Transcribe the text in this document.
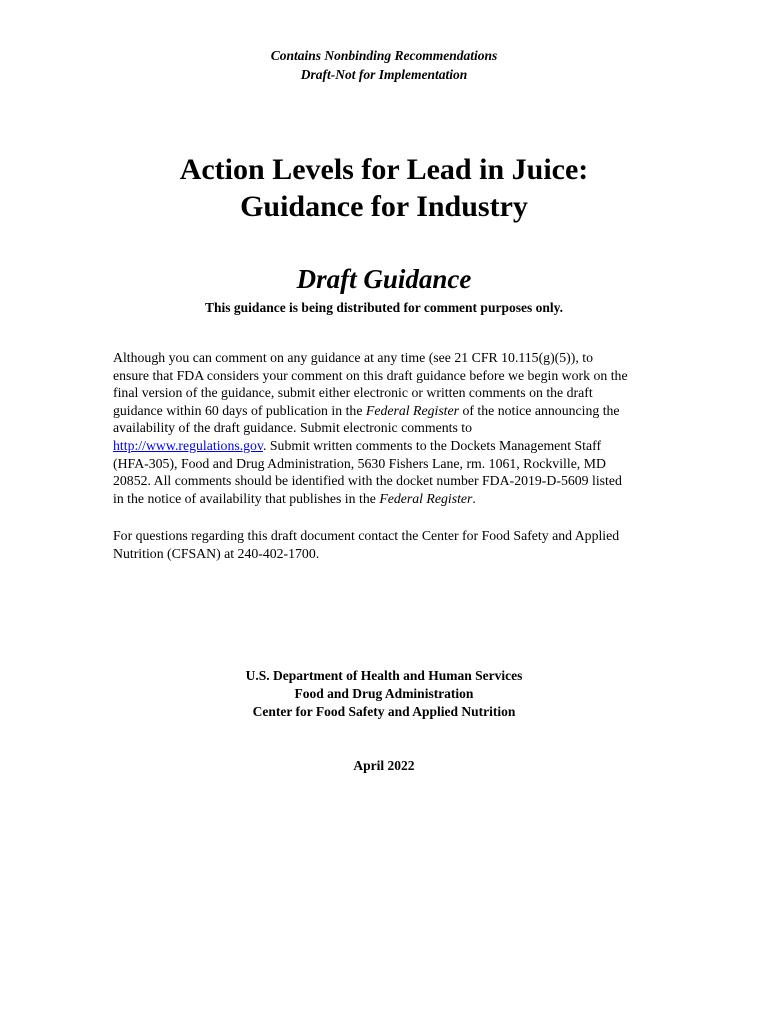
Contains Nonbinding Recommendations
Draft-Not for Implementation
Action Levels for Lead in Juice:
Guidance for Industry
Draft Guidance
This guidance is being distributed for comment purposes only.
Although you can comment on any guidance at any time (see 21 CFR 10.115(g)(5)), to
ensure that FDA considers your comment on this draft guidance before we begin work on the
final version of the guidance, submit either electronic or written comments on the draft
guidance within 60 days of publication in the Federal Register of the notice announcing the
availability of the draft guidance. Submit electronic comments to
http://www.regulations.gov. Submit written comments to the Dockets Management Staff
(HFA-305), Food and Drug Administration, 5630 Fishers Lane, rm. 1061, Rockville, MD
20852. All comments should be identified with the docket number FDA-2019-D-5609 listed
in the notice of availability that publishes in the Federal Register.
For questions regarding this draft document contact the Center for Food Safety and Applied
Nutrition (CFSAN) at 240-402-1700.
U.S. Department of Health and Human Services
Food and Drug Administration
Center for Food Safety and Applied Nutrition
April 2022
